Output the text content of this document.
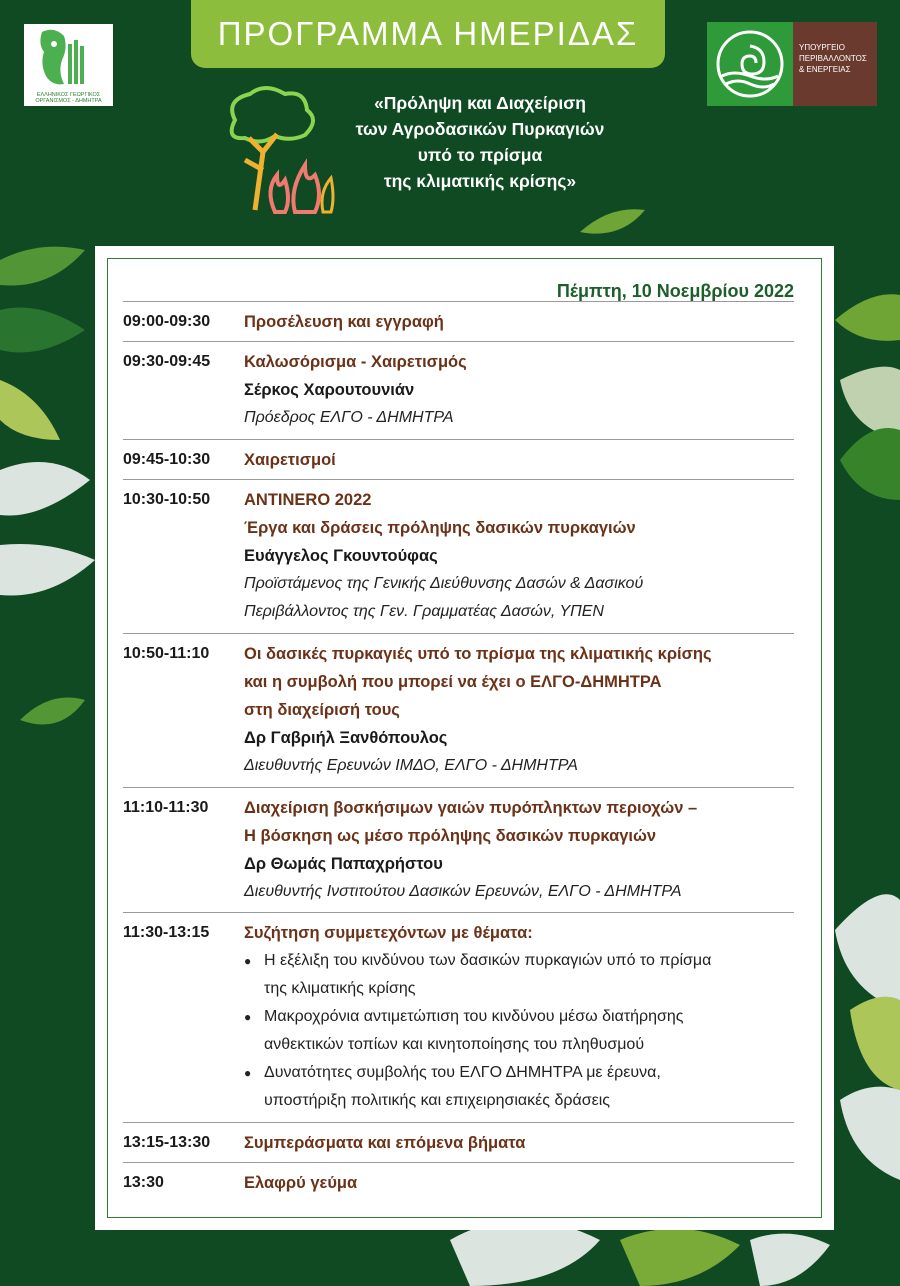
ΠΡΟΓΡΑΜΜΑ ΗΜΕΡΙΔΑΣ
ΕΛΛΗΝΙΚΟΣ ΓΕΩΡΓΙΚΟΣ
ΟΡΓΑΝΙΣΜΟΣ - ΔΗΜΗΤΡΑ
ΥΠΟΥΡΓΕΙΟ
ΠΕΡΙΒΑΛΛΟΝΤΟΣ
& ΕΝΕΡΓΕΙΑΣ
«Πρόληψη και Διαχείριση
των Αγροδασικών Πυρκαγιών
υπό το πρίσμα
της κλιματικής κρίσης»
Πέμπτη, 10 Νοεμβρίου 2022
09:00-09:30 Προσέλευση και εγγραφή
09:30-09:45 Καλωσόρισμα - Χαιρετισμός
Σέρκος Χαρουτουνιάν
Πρόεδρος ΕΛΓΟ - ΔΗΜΗΤΡΑ
09:45-10:30 Χαιρετισμοί
10:30-10:50 ANTINERO 2022
Έργα και δράσεις πρόληψης δασικών πυρκαγιών
Ευάγγελος Γκουντούφας
Προϊστάμενος της Γενικής Διεύθυνσης Δασών & Δασικού
Περιβάλλοντος της Γεν. Γραμματέας Δασών, ΥΠΕΝ
10:50-11:10 Οι δασικές πυρκαγιές υπό το πρίσμα της κλιματικής κρίσης
και η συμβολή που μπορεί να έχει ο ΕΛΓΟ-ΔΗΜΗΤΡΑ
στη διαχείρισή τους
Δρ Γαβριήλ Ξανθόπουλος
Διευθυντής Ερευνών ΙΜΔΟ, ΕΛΓΟ - ΔΗΜΗΤΡΑ
11:10-11:30 Διαχείριση βοσκήσιμων γαιών πυρόπληκτων περιοχών –
Η βόσκηση ως μέσο πρόληψης δασικών πυρκαγιών
Δρ Θωμάς Παπαχρήστου
Διευθυντής Ινστιτούτου Δασικών Ερευνών, ΕΛΓΟ - ΔΗΜΗΤΡΑ
11:30-13:15 Συζήτηση συμμετεχόντων με θέματα:
● Η εξέλιξη του κινδύνου των δασικών πυρκαγιών υπό το πρίσμα
της κλιματικής κρίσης
● Μακροχρόνια αντιμετώπιση του κινδύνου μέσω διατήρησης
ανθεκτικών τοπίων και κινητοποίησης του πληθυσμού
● Δυνατότητες συμβολής του ΕΛΓΟ ΔΗΜΗΤΡΑ με έρευνα,
υποστήριξη πολιτικής και επιχειρησιακές δράσεις
13:15-13:30 Συμπεράσματα και επόμενα βήματα
13:30	Ελαφρύ γεύμα
